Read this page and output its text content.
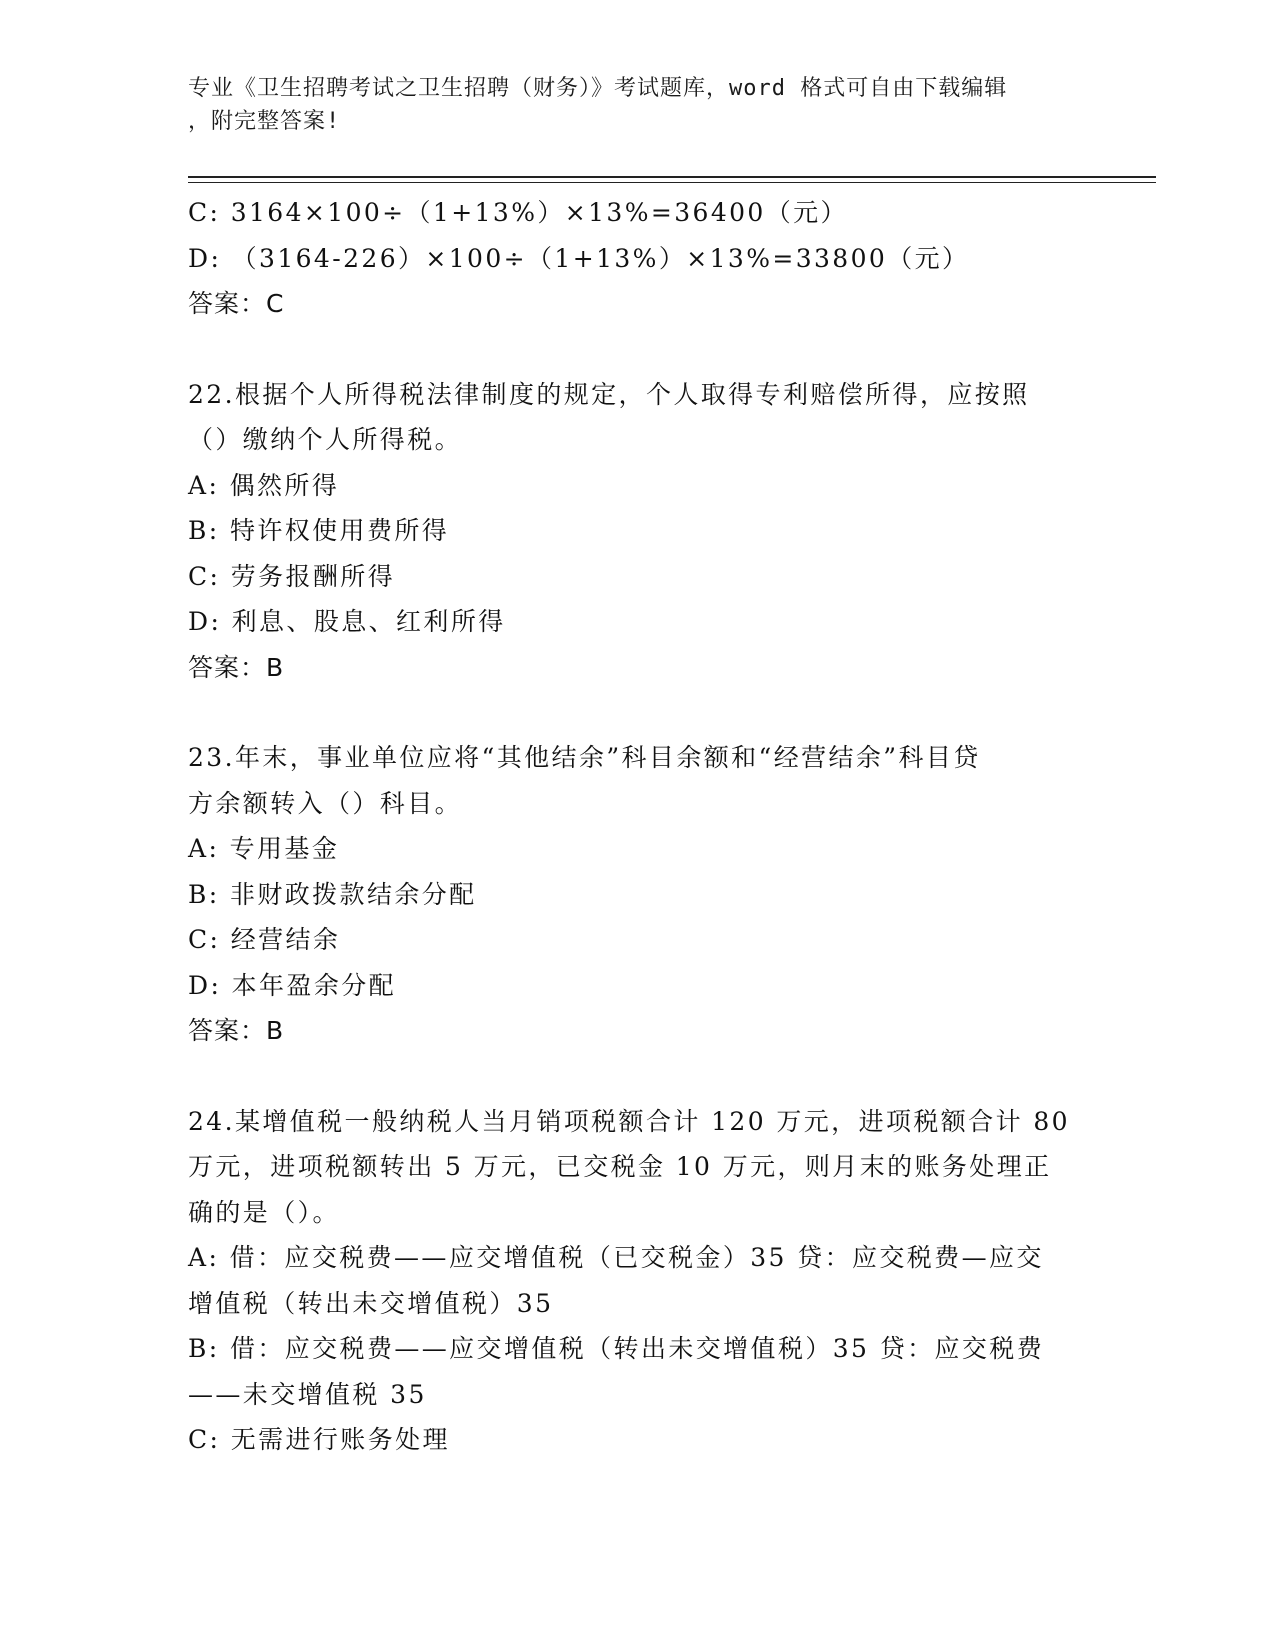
专业《卫生招聘考试之卫生招聘（财务）》考试题库，word 格式可自由下载编辑
，附完整答案!
C: 3164×100÷（1+13%）×13%=36400（元）
D: （3164-226）×100÷（1+13%）×13%=33800（元）
答案：C
22.根据个人所得税法律制度的规定，个人取得专利赔偿所得，应按照
（）缴纳个人所得税。
A: 偶然所得
B: 特许权使用费所得
C: 劳务报酬所得
D: 利息、股息、红利所得
答案：B
23.年末，事业单位应将“其他结余”科目余额和“经营结余”科目贷
方余额转入（）科目。
A: 专用基金
B: 非财政拨款结余分配
C: 经营结余
D: 本年盈余分配
答案：B
24.某增值税一般纳税人当月销项税额合计 120 万元，进项税额合计 80
万元，进项税额转出 5 万元，已交税金 10 万元，则月末的账务处理正
确的是（）。
A: 借：应交税费——应交增值税（已交税金）35 贷：应交税费—应交
增值税（转出未交增值税）35
B: 借：应交税费——应交增值税（转出未交增值税）35 贷：应交税费
——未交增值税 35
C: 无需进行账务处理
